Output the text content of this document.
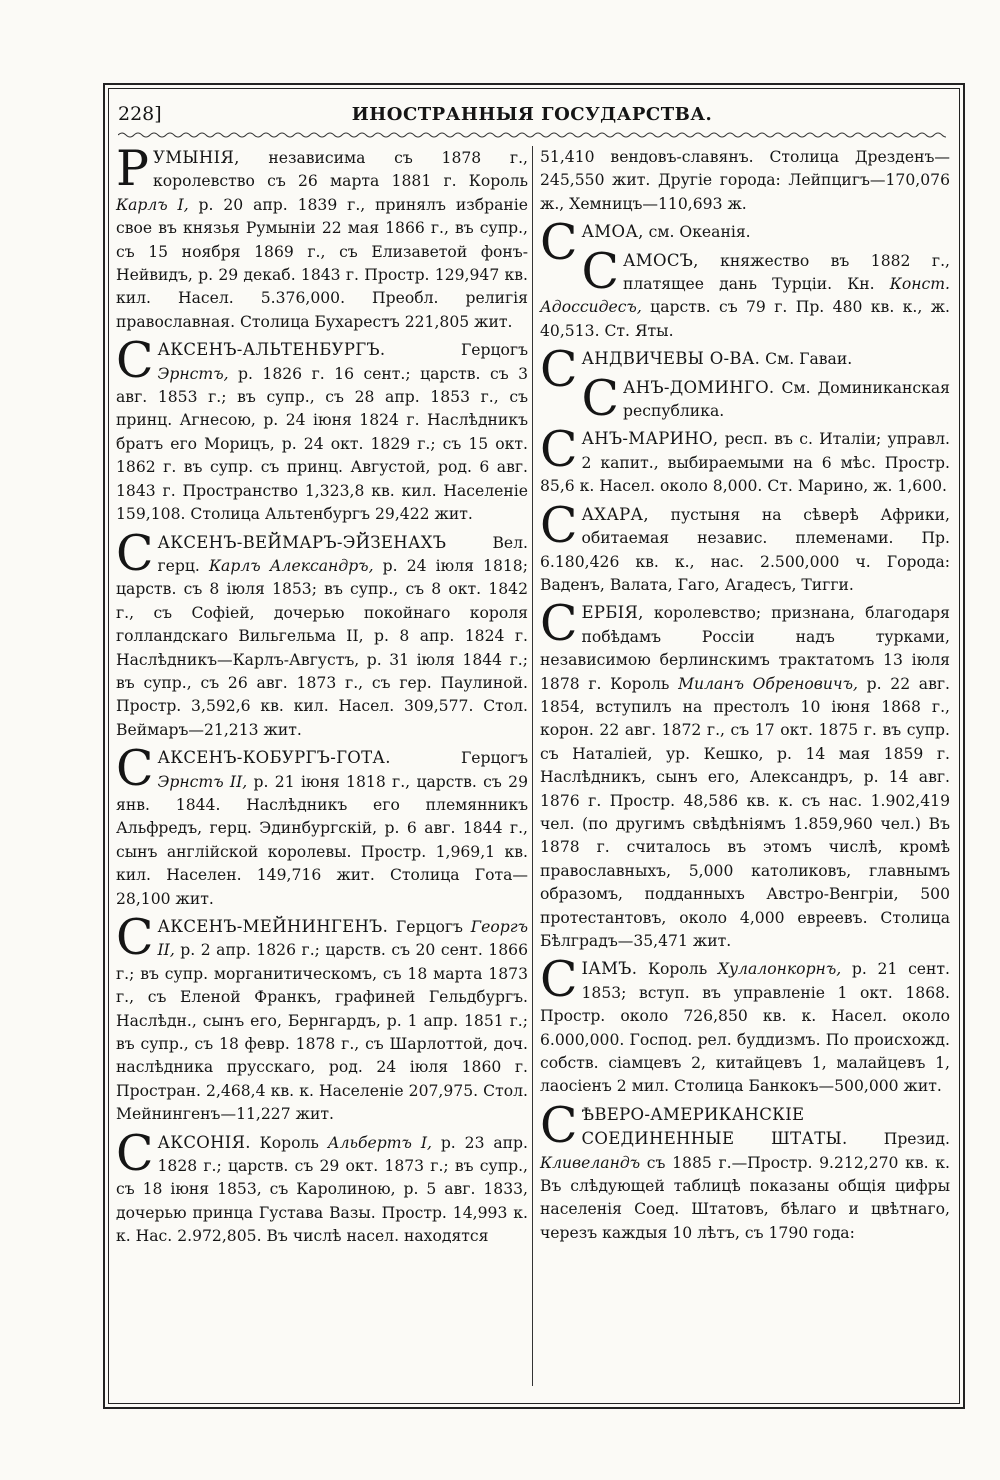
228]	ИНОСТРАННЫЯ ГОСУДАРСТВА.

РУМЫНІЯ, независима съ 1878 г., королевство съ 26 марта 1881 г. Король Карлъ I, р. 20 апр. 1839 г., принялъ избраніе свое въ князья Румыніи 22 мая 1866 г., въ супр., съ 15 ноября 1869 г., съ Елизаветой фонъ-Нейвидъ, р. 29 декаб. 1843 г. Простр. 129,947 кв. кил. Насел. 5.376,000. Преобл. религія православная. Столица Бухарестъ 221,805 жит.

САКСЕНЪ-АЛЬТЕНБУРГЪ. Герцогъ Эрнстъ, р. 1826 г. 16 сент.; царств. съ 3 авг. 1853 г.; въ супр., съ 28 апр. 1853 г., съ принц. Агнесою, р. 24 іюня 1824 г. Наслѣдникъ братъ его Морицъ, р. 24 окт. 1829 г.; съ 15 окт. 1862 г. въ супр. съ принц. Августой, род. 6 авг. 1843 г. Пространство 1,323,8 кв. кил. Населеніе 159,108. Столица Альтенбургъ 29,422 жит.

САКСЕНЪ-ВЕЙМАРЪ-ЭЙЗЕНАХЪ Вел. герц. Карлъ Александръ, р. 24 іюля 1818; царств. съ 8 іюля 1853; въ супр., съ 8 окт. 1842 г., съ Софіей, дочерью покойнаго короля голландскаго Вильгельма II, р. 8 апр. 1824 г. Наслѣдникъ—Карлъ-Августъ, р. 31 іюля 1844 г.; въ супр., съ 26 авг. 1873 г., съ гер. Паулиной. Простр. 3,592,6 кв. кил. Насел. 309,577. Стол. Веймаръ—21,213 жит.

САКСЕНЪ-КОБУРГЪ-ГОТА. Герцогъ Эрнстъ II, р. 21 іюня 1818 г., царств. съ 29 янв. 1844. Наслѣдникъ его племянникъ Альфредъ, герц. Эдинбургскій, р. 6 авг. 1844 г., сынъ англійской королевы. Простр. 1,969,1 кв. кил. Населен. 149,716 жит. Столица Гота—28,100 жит.

САКСЕНЪ-МЕЙНИНГЕНЪ. Герцогъ Георгъ II, р. 2 апр. 1826 г.; царств. съ 20 сент. 1866 г.; въ супр. морганитическомъ, съ 18 марта 1873 г., съ Еленой Франкъ, графиней Гельдбургъ. Наслѣдн., сынъ его, Бернгардъ, р. 1 апр. 1851 г.; въ супр., съ 18 февр. 1878 г., съ Шарлоттой, доч. наслѣдника прусскаго, род. 24 іюля 1860 г. Простран. 2,468,4 кв. к. Населеніе 207,975. Стол. Мейнингенъ—11,227 жит.

САКСОНІЯ. Король Альбертъ I, р. 23 апр. 1828 г.; царств. съ 29 окт. 1873 г.; въ супр., съ 18 іюня 1853, съ Каролиною, р. 5 авг. 1833, дочерью принца Густава Вазы. Простр. 14,993 к. к. Нас. 2.972,805. Въ числѣ насел. находятся

51,410 вендовъ-славянъ. Столица Дрезденъ—245,550 жит. Другіе города: Лейпцигъ—170,076 ж., Хемницъ—110,693 ж.

САМОА, см. Океанія.

САМОСЪ, княжество въ 1882 г., платящее дань Турціи. Кн. Конст. Адоссидесъ, царств. съ 79 г. Пр. 480 кв. к., ж. 40,513. Ст. Яты.

САНДВИЧЕВЫ О-ВА. См. Гаваи.

САНЪ-ДОМИНГО. См. Доминиканская республика.

САНЪ-МАРИНО, респ. въ с. Италіи; управл. 2 капит., выбираемыми на 6 мѣс. Простр. 85,6 к. Насел. около 8,000. Ст. Марино, ж. 1,600.

САХАРА, пустыня на сѣверѣ Африки, обитаемая независ. племенами. Пр. 6.180,426 кв. к., нас. 2.500,000 ч. Города: Ваденъ, Валата, Гаго, Агадесъ, Тигги.

СЕРБІЯ, королевство; признана, благодаря побѣдамъ Россіи надъ турками, независимою берлинскимъ трактатомъ 13 іюля 1878 г. Король Миланъ Обреновичъ, р. 22 авг. 1854, вступилъ на престолъ 10 іюня 1868 г., корон. 22 авг. 1872 г., съ 17 окт. 1875 г. въ супр. съ Наталіей, ур. Кешко, р. 14 мая 1859 г. Наслѣдникъ, сынъ его, Александръ, р. 14 авг. 1876 г. Простр. 48,586 кв. к. съ нас. 1.902,419 чел. (по другимъ свѣдѣніямъ 1.859,960 чел.) Въ 1878 г. считалось въ этомъ числѣ, кромѣ православныхъ, 5,000 католиковъ, главнымъ образомъ, подданныхъ Австро-Венгріи, 500 протестантовъ, около 4,000 евреевъ. Столица Бѣлградъ—35,471 жит.

СІАМЪ. Король Хулалонкорнъ, р. 21 сент. 1853; вступ. въ управленіе 1 окт. 1868. Простр. около 726,850 кв. к. Насел. около 6.000,000. Господ. рел. буддизмъ. По происхожд. собств. сіамцевъ 2, китайцевъ 1, малайцевъ 1, лаосіенъ 2 мил. Столица Банкокъ—500,000 жит.

СѢВЕРО-АМЕРИКАНСКІЕ СОЕДИНЕННЫЕ ШТАТЫ. Презид. Кливеландъ съ 1885 г.—Простр. 9.212,270 кв. к. Въ слѣдующей таблицѣ показаны общія цифры населенія Соед. Штатовъ, бѣлаго и цвѣтнаго, черезъ каждыя 10 лѣтъ, съ 1790 года:
